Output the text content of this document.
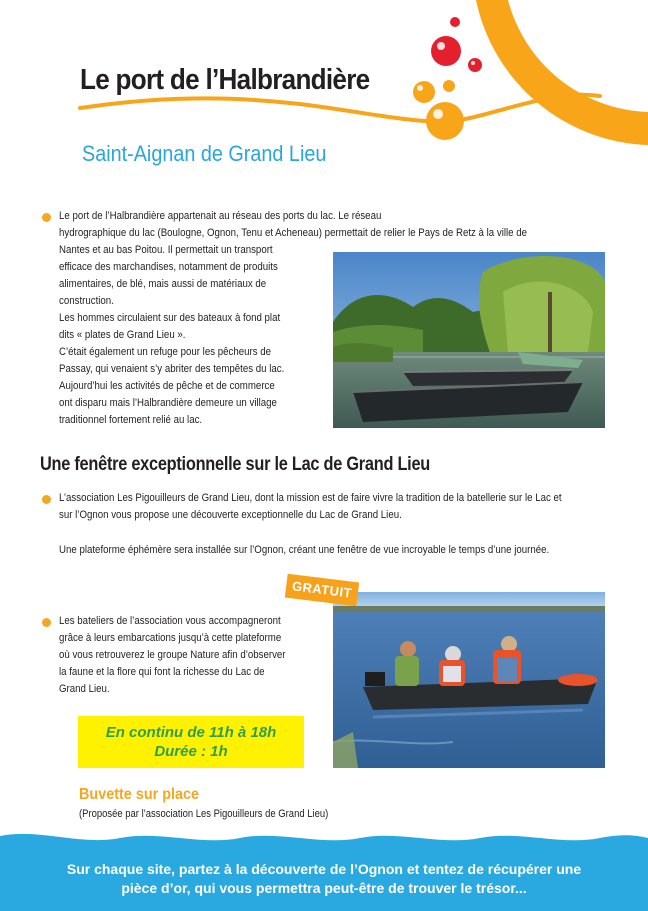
Le port de l’Halbrandière
Saint-Aignan de Grand Lieu
Le port de l’Halbrandière appartenait au réseau des ports du lac. Le réseau
hydrographique du lac (Boulogne, Ognon, Tenu et Acheneau) permettait de relier le Pays de Retz à la ville de
Nantes et au bas Poitou. Il permettait un transport
efficace des marchandises, notamment de produits
alimentaires, de blé, mais aussi de matériaux de
construction.
Les hommes circulaient sur des bateaux à fond plat
dits « plates de Grand Lieu ».
C’était également un refuge pour les pêcheurs de
Passay, qui venaient s’y abriter des tempêtes du lac.
Aujourd’hui les activités de pêche et de commerce
ont disparu mais l’Halbrandière demeure un village
traditionnel fortement relié au lac.
Une fenêtre exceptionnelle sur le Lac de Grand Lieu
L’association Les Pigouilleurs de Grand Lieu, dont la mission est de faire vivre la tradition de la batellerie sur le Lac et
sur l’Ognon vous propose une découverte exceptionnelle du Lac de Grand Lieu.
Une plateforme éphémère sera installée sur l’Ognon, créant une fenêtre de vue incroyable le temps d’une journée.
GRATUIT
Les bateliers de l’association vous accompagneront
grâce à leurs embarcations jusqu’à cette plateforme
où vous retrouverez le groupe Nature afin d’observer
la faune et la flore qui font la richesse du Lac de
Grand Lieu.
En continu de 11h à 18h
Durée : 1h
Buvette sur place
(Proposée par l’association Les Pigouilleurs de Grand Lieu)
Sur chaque site, partez à la découverte de l’Ognon et tentez de récupérer une
pièce d’or, qui vous permettra peut-être de trouver le trésor...
